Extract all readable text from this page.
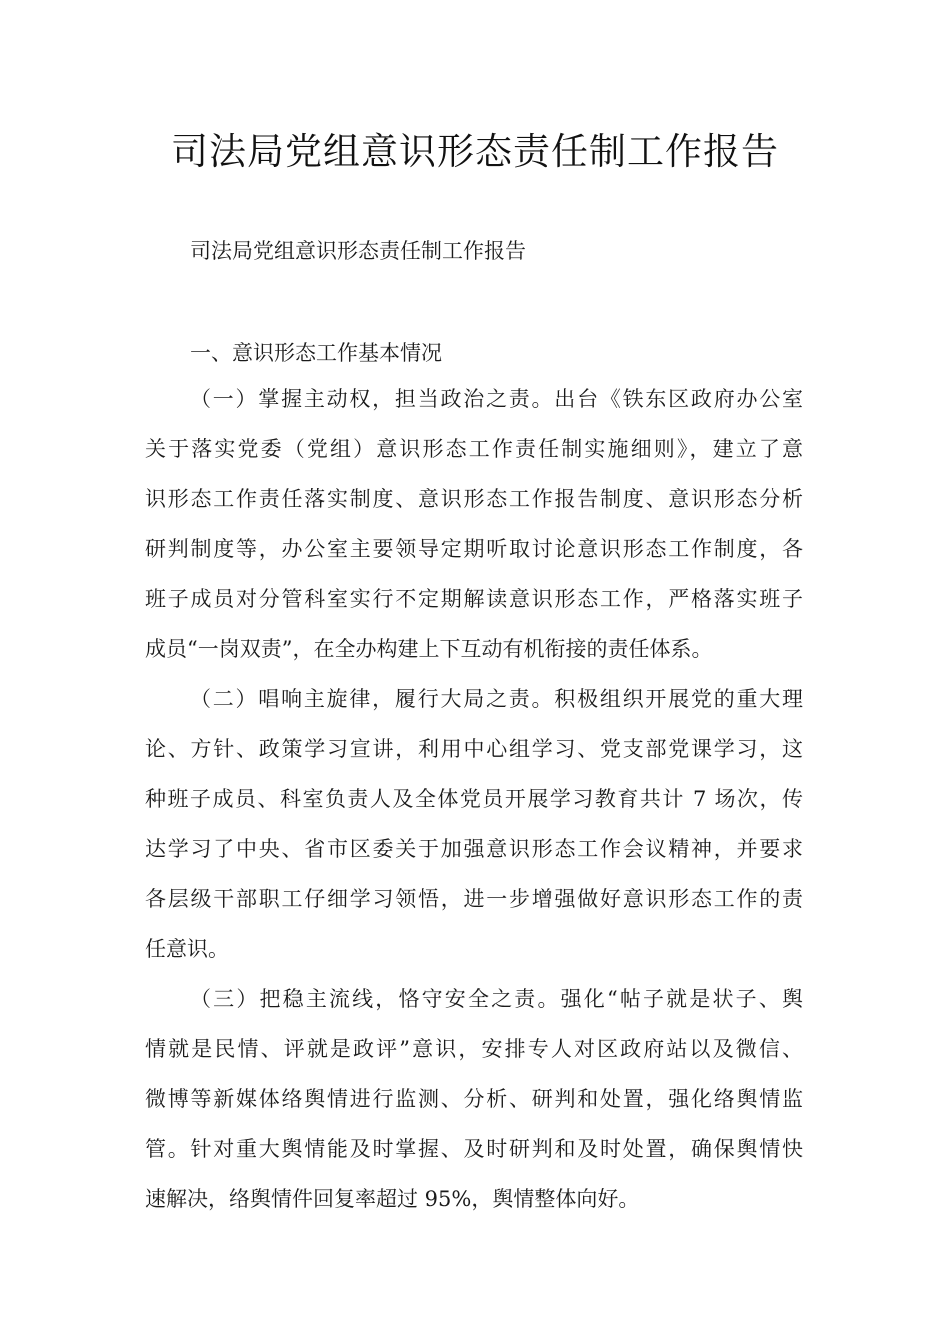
司法局党组意识形态责任制工作报告

司法局党组意识形态责任制工作报告

一、意识形态工作基本情况

（一）掌握主动权，担当政治之责。出台《铁东区政府办公室

关于落实党委（党组）意识形态工作责任制实施细则》，建立了意

识形态工作责任落实制度、意识形态工作报告制度、意识形态分析

研判制度等，办公室主要领导定期听取讨论意识形态工作制度，各

班子成员对分管科室实行不定期解读意识形态工作，严格落实班子

成员“一岗双责”，在全办构建上下互动有机衔接的责任体系。

（二）唱响主旋律，履行大局之责。积极组织开展党的重大理

论、方针、政策学习宣讲，利用中心组学习、党支部党课学习，这

种班子成员、科室负责人及全体党员开展学习教育共计 7 场次，传

达学习了中央、省市区委关于加强意识形态工作会议精神，并要求

各层级干部职工仔细学习领悟，进一步增强做好意识形态工作的责

任意识。

（三）把稳主流线，恪守安全之责。强化“帖子就是状子、舆

情就是民情、评就是政评”意识，安排专人对区政府站以及微信、

微博等新媒体络舆情进行监测、分析、研判和处置，强化络舆情监

管。针对重大舆情能及时掌握、及时研判和及时处置，确保舆情快

速解决，络舆情件回复率超过 95%，舆情整体向好。
